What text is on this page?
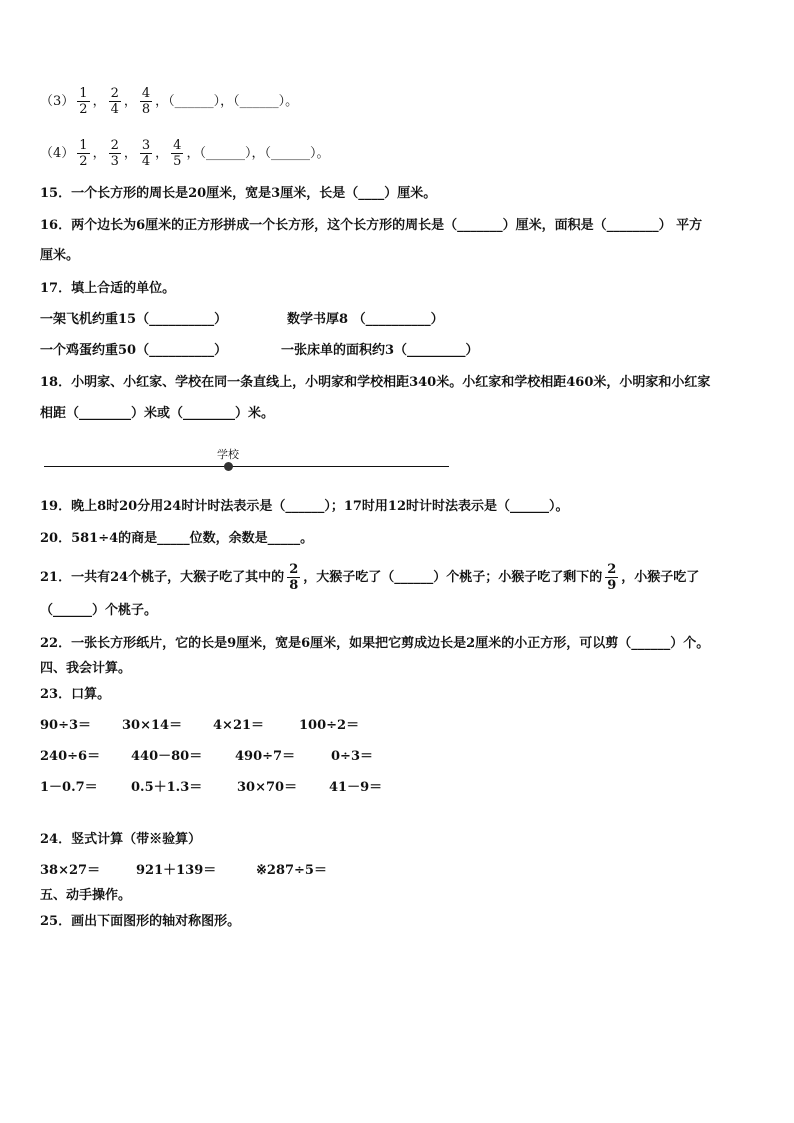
$(3) \frac{1}{2}$ ， $\frac{2}{4}$ ， $\frac{4}{8}$ ，（______），（______）。
$(4) \frac{1}{2}$ ， $\frac{2}{3}$ ， $\frac{3}{4}$ ， $\frac{4}{5}$ ，（______），（______）。
15．一个长方形的周长是20厘米，宽是3厘米，长是（____）厘米。
16．两个边长为6厘米的正方形拼成一个长方形，这个长方形的周长是（_______）厘米，面积是（________） 平方
厘米。
17．填上合适的单位。
一架飞机约重15（__________）	数学书厚8 （__________）
一个鸡蛋约重50（__________）	一张床单的面积约3（_________）
18．小明家、小红家、学校在同一条直线上，小明家和学校相距340米。小红家和学校相距460米，小明家和小红家
相距（________）米或（________）米。
学校
19．晚上8时20分用24时计时法表示是（______）；17时用12时计时法表示是（______）。
20．581÷4的商是_____位数，余数是_____。
21．一共有24个桃子，大猴子吃了其中的 $\frac{2}{8}$ ，大猴子吃了（______）个桃子；小猴子吃了剩下的 $\frac{2}{9}$ ，小猴子吃了
（______）个桃子。
22．一张长方形纸片，它的长是9厘米，宽是6厘米，如果把它剪成边长是2厘米的小正方形，可以剪（______）个。
四、我会计算。
23．口算。
90÷3＝ 30×14＝ 4×21＝	100÷2＝
240÷6＝ 440－80＝	490÷7＝	0÷3＝
1－0.7＝	0.5＋1.3＝	30×70＝ 41－9＝
24．竖式计算（带※验算）
38×27＝	921＋139＝	※287÷5＝
五、动手操作。
25．画出下面图形的轴对称图形。
